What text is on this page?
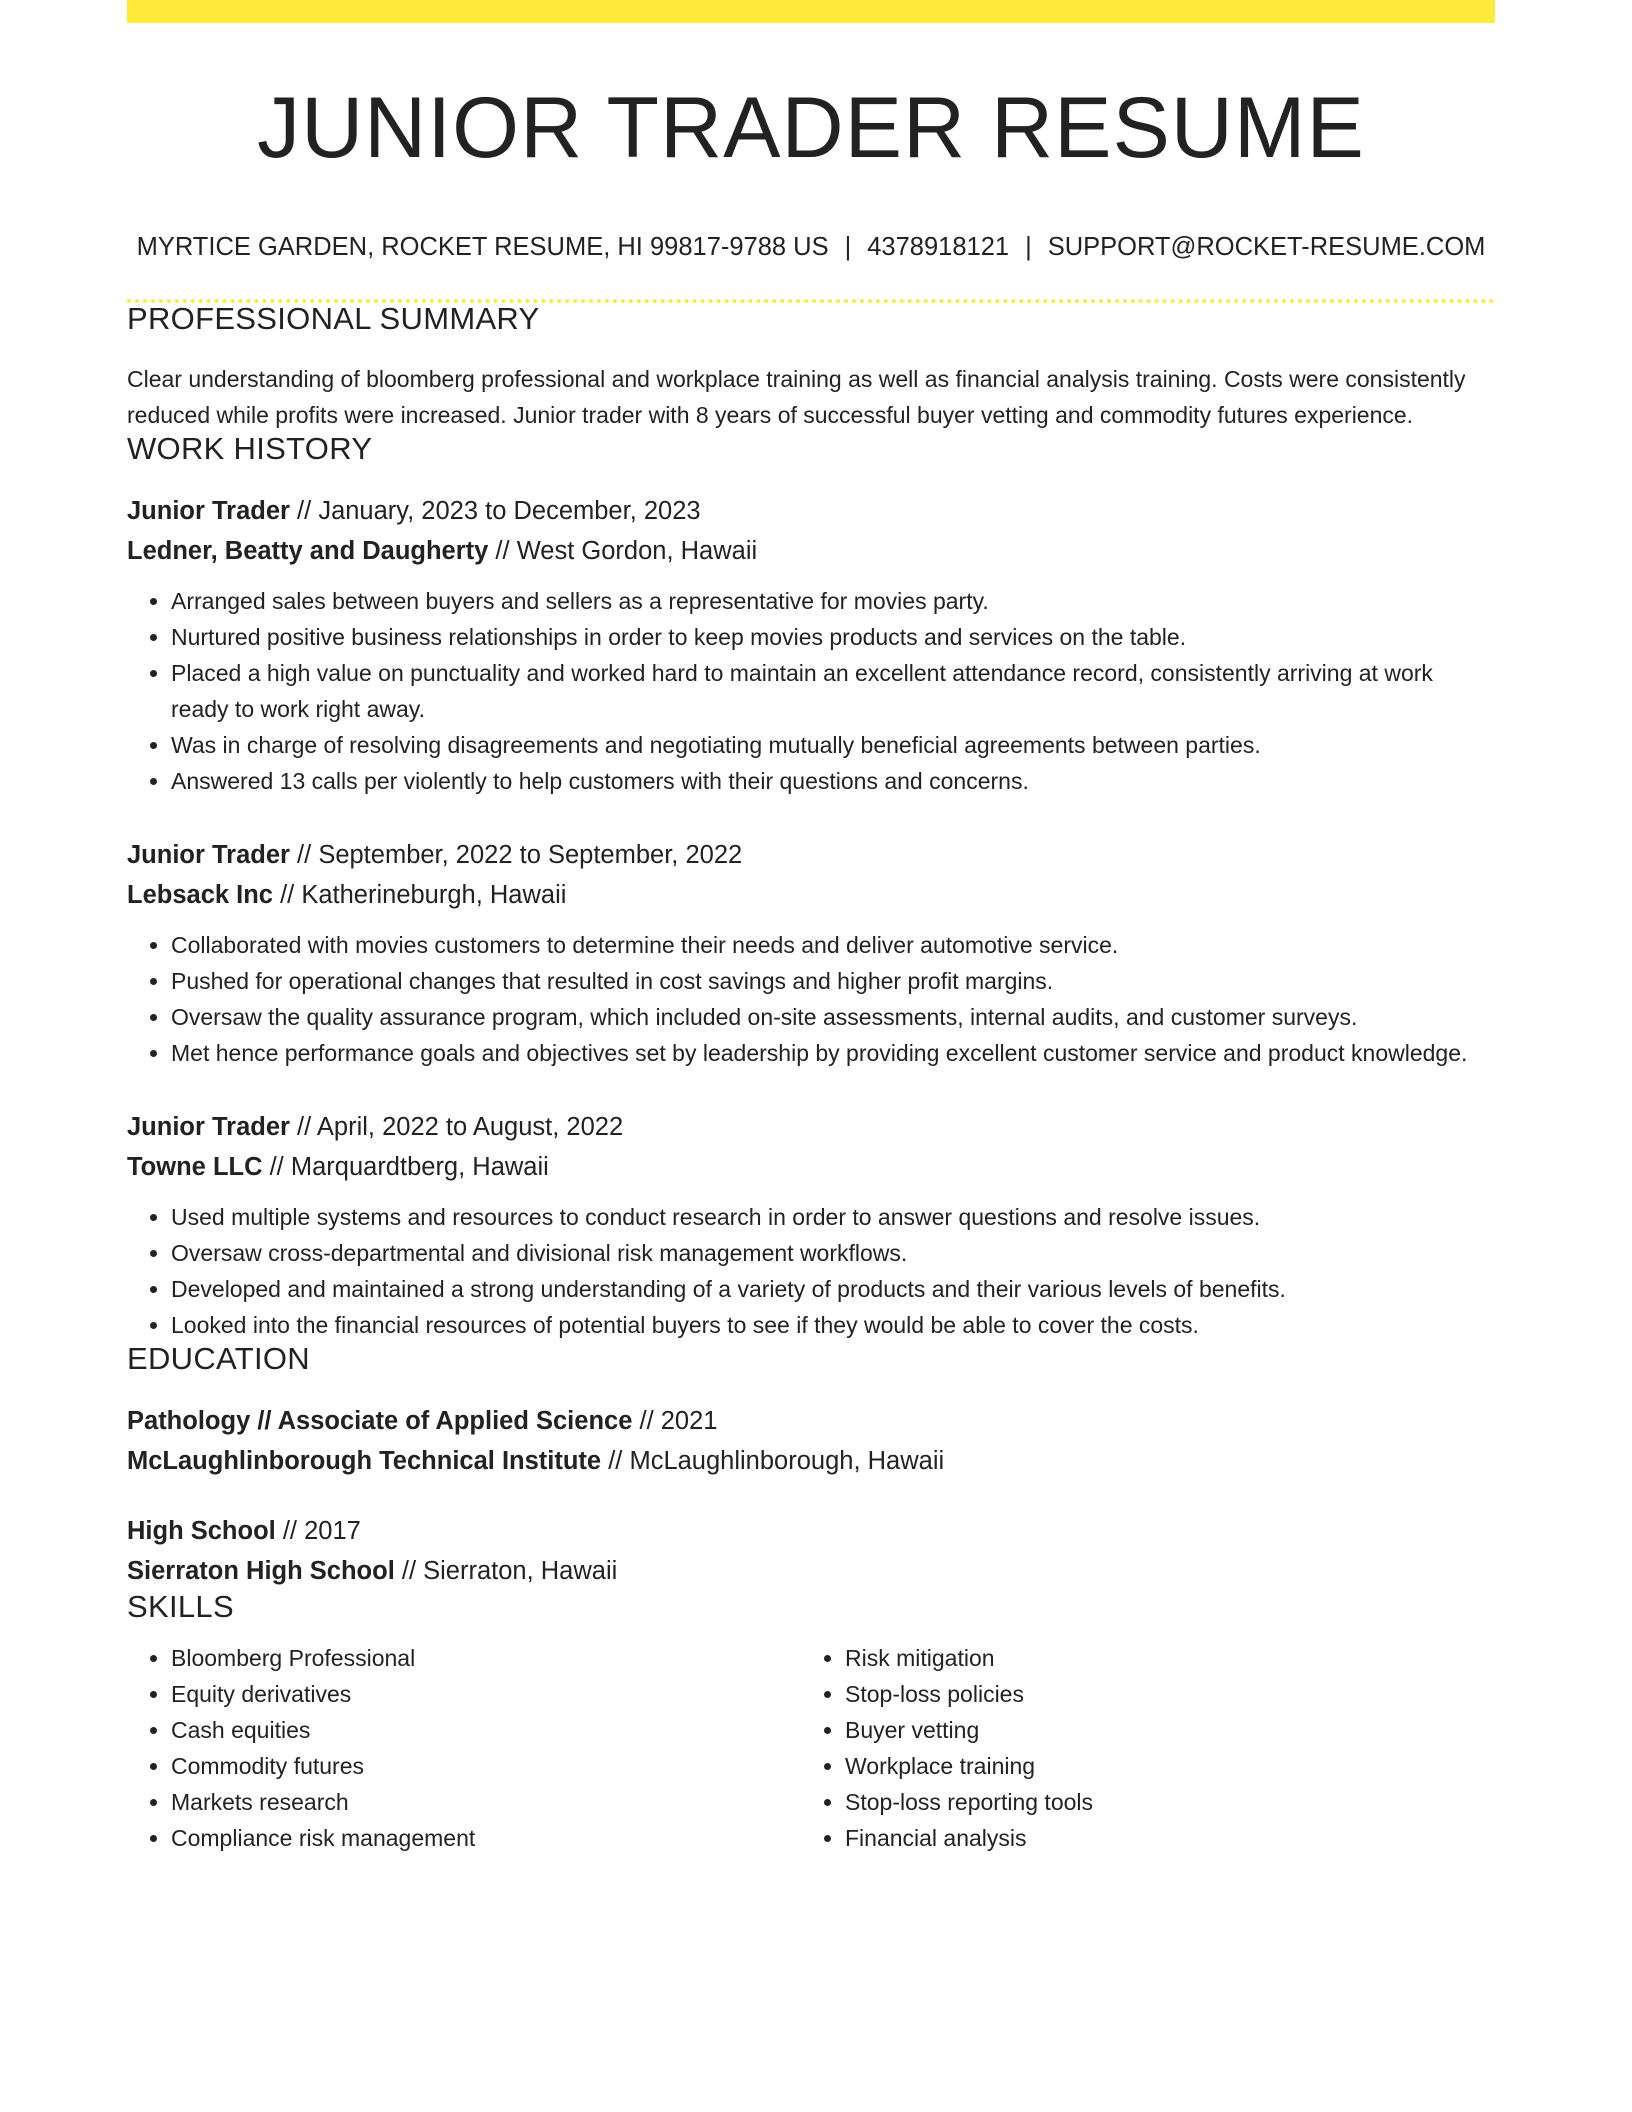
JUNIOR TRADER RESUME
MYRTICE GARDEN, ROCKET RESUME, HI 99817-9788 US | 4378918121 | SUPPORT@ROCKET-RESUME.COM
PROFESSIONAL SUMMARY
Clear understanding of bloomberg professional and workplace training as well as financial analysis training. Costs were consistently reduced while profits were increased. Junior trader with 8 years of successful buyer vetting and commodity futures experience.
WORK HISTORY
Junior Trader // January, 2023 to December, 2023
Ledner, Beatty and Daugherty // West Gordon, Hawaii
• Arranged sales between buyers and sellers as a representative for movies party.
• Nurtured positive business relationships in order to keep movies products and services on the table.
• Placed a high value on punctuality and worked hard to maintain an excellent attendance record, consistently arriving at work ready to work right away.
• Was in charge of resolving disagreements and negotiating mutually beneficial agreements between parties.
• Answered 13 calls per violently to help customers with their questions and concerns.
Junior Trader // September, 2022 to September, 2022
Lebsack Inc // Katherineburgh, Hawaii
• Collaborated with movies customers to determine their needs and deliver automotive service.
• Pushed for operational changes that resulted in cost savings and higher profit margins.
• Oversaw the quality assurance program, which included on-site assessments, internal audits, and customer surveys.
• Met hence performance goals and objectives set by leadership by providing excellent customer service and product knowledge.
Junior Trader // April, 2022 to August, 2022
Towne LLC // Marquardtberg, Hawaii
• Used multiple systems and resources to conduct research in order to answer questions and resolve issues.
• Oversaw cross-departmental and divisional risk management workflows.
• Developed and maintained a strong understanding of a variety of products and their various levels of benefits.
• Looked into the financial resources of potential buyers to see if they would be able to cover the costs.
EDUCATION
Pathology // Associate of Applied Science // 2021
McLaughlinborough Technical Institute // McLaughlinborough, Hawaii
High School // 2017
Sierraton High School // Sierraton, Hawaii
SKILLS
• Bloomberg Professional
• Equity derivatives
• Cash equities
• Commodity futures
• Markets research
• Compliance risk management
• Risk mitigation
• Stop-loss policies
• Buyer vetting
• Workplace training
• Stop-loss reporting tools
• Financial analysis
